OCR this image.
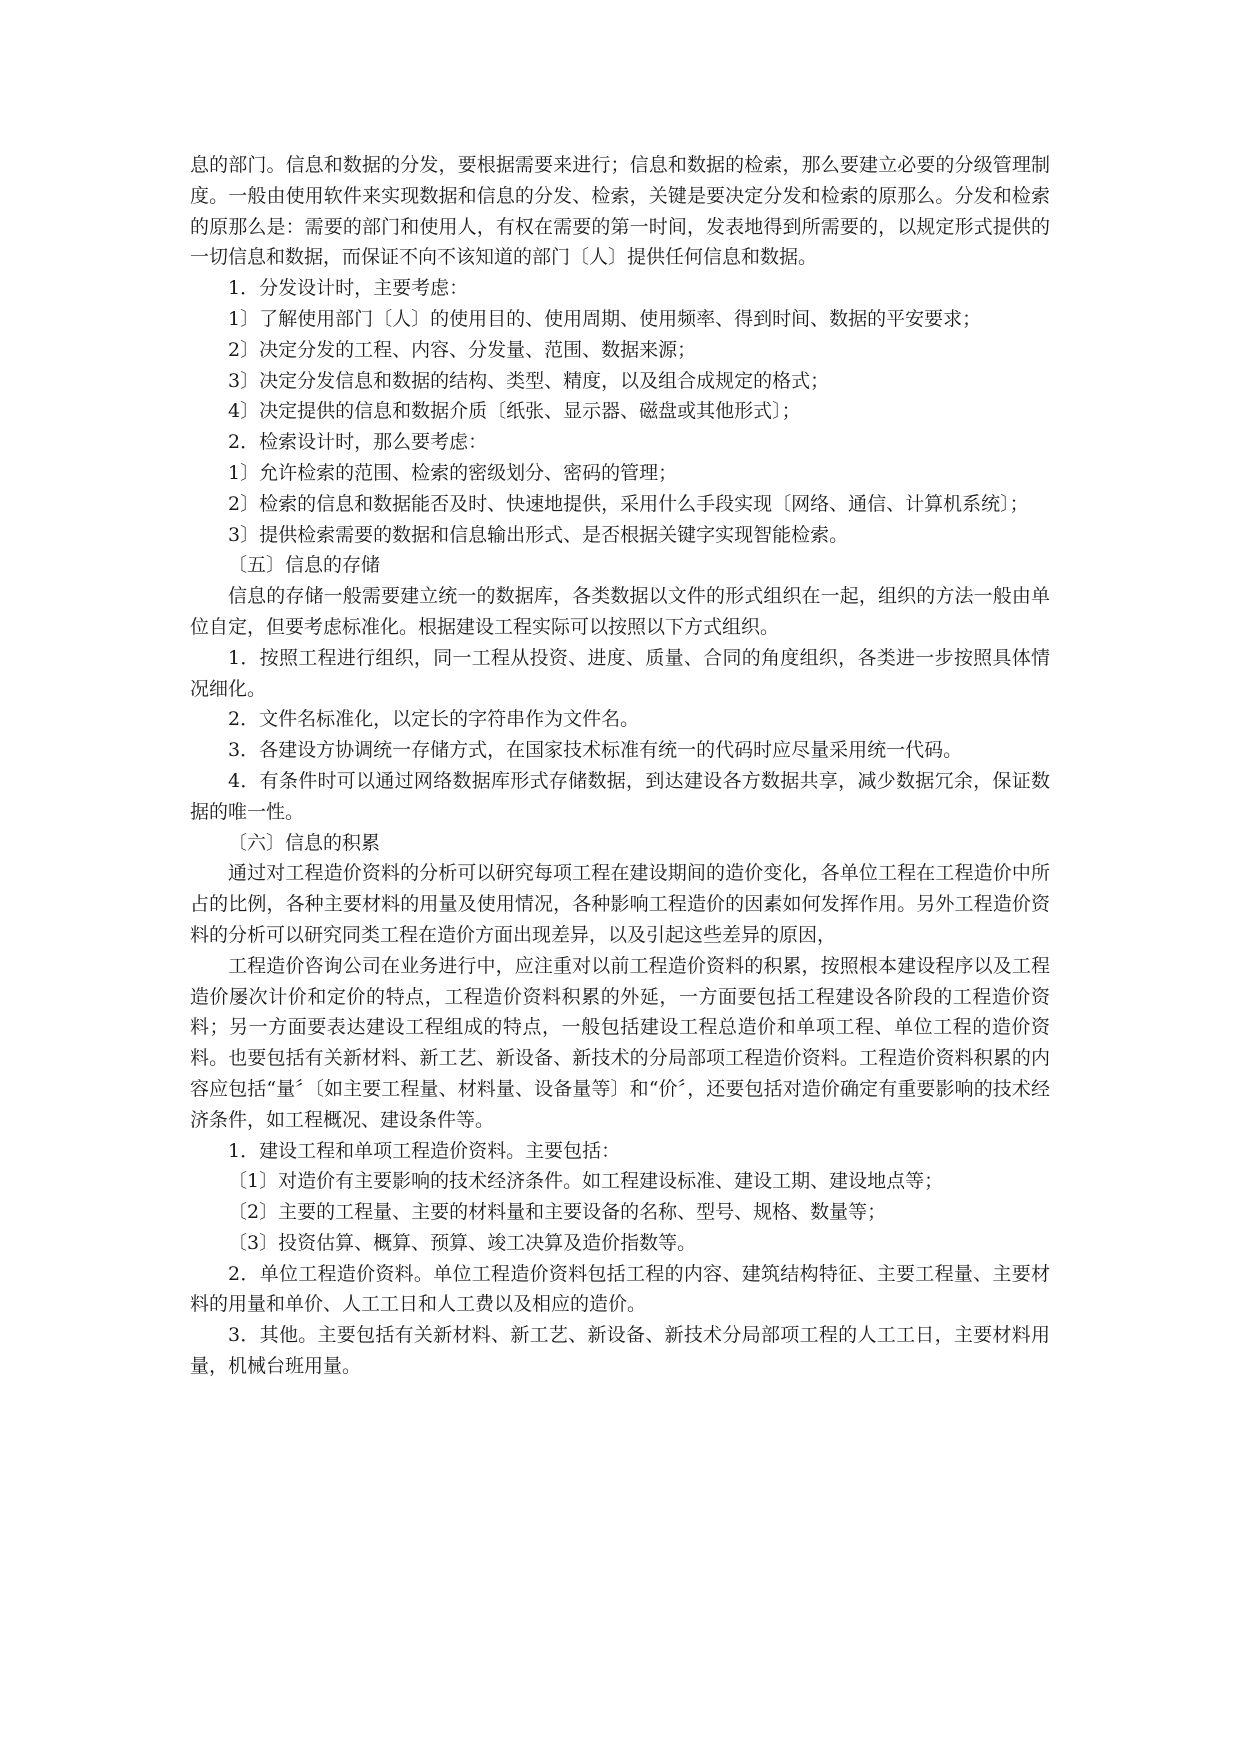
息的部门。信息和数据的分发，要根据需要来进行；信息和数据的检索，那么要建立必要的分级管理制度。一般由使用软件来实现数据和信息的分发、检索，关键是要决定分发和检索的原那么。分发和检索的原那么是：需要的部门和使用人，有权在需要的第一时间，发表地得到所需要的，以规定形式提供的一切信息和数据，而保证不向不该知道的部门〔人〕提供任何信息和数据。

1．分发设计时，主要考虑：

1〕了解使用部门〔人〕的使用目的、使用周期、使用频率、得到时间、数据的平安要求；

2〕决定分发的工程、内容、分发量、范围、数据来源；

3〕决定分发信息和数据的结构、类型、精度，以及组合成规定的格式；

4〕决定提供的信息和数据介质〔纸张、显示器、磁盘或其他形式〕；

2．检索设计时，那么要考虑：

1〕允许检索的范围、检索的密级划分、密码的管理；

2〕检索的信息和数据能否及时、快速地提供，采用什么手段实现〔网络、通信、计算机系统〕；

3〕提供检索需要的数据和信息输出形式、是否根据关键字实现智能检索。

〔五〕信息的存储

信息的存储一般需要建立统一的数据库，各类数据以文件的形式组织在一起，组织的方法一般由单位自定，但要考虑标准化。根据建设工程实际可以按照以下方式组织。

1．按照工程进行组织，同一工程从投资、进度、质量、合同的角度组织，各类进一步按照具体情况细化。

2．文件名标准化，以定长的字符串作为文件名。

3．各建设方协调统一存储方式，在国家技术标准有统一的代码时应尽量采用统一代码。

4．有条件时可以通过网络数据库形式存储数据，到达建设各方数据共享，减少数据冗余，保证数据的唯一性。

〔六〕信息的积累

通过对工程造价资料的分析可以研究每项工程在建设期间的造价变化，各单位工程在工程造价中所占的比例，各种主要材料的用量及使用情况，各种影响工程造价的因素如何发挥作用。另外工程造价资料的分析可以研究同类工程在造价方面出现差异，以及引起这些差异的原因，

工程造价咨询公司在业务进行中，应注重对以前工程造价资料的积累，按照根本建设程序以及工程造价屡次计价和定价的特点，工程造价资料积累的外延，一方面要包括工程建设各阶段的工程造价资料；另一方面要表达建设工程组成的特点，一般包括建设工程总造价和单项工程、单位工程的造价资料。也要包括有关新材料、新工艺、新设备、新技术的分局部项工程造价资料。工程造价资料积累的内容应包括“量〞〔如主要工程量、材料量、设备量等〕和“价〞，还要包括对造价确定有重要影响的技术经济条件，如工程概况、建设条件等。

1．建设工程和单项工程造价资料。主要包括：

〔1〕对造价有主要影响的技术经济条件。如工程建设标准、建设工期、建设地点等；

〔2〕主要的工程量、主要的材料量和主要设备的名称、型号、规格、数量等；

〔3〕投资估算、概算、预算、竣工决算及造价指数等。

2．单位工程造价资料。单位工程造价资料包括工程的内容、建筑结构特征、主要工程量、主要材料的用量和单价、人工工日和人工费以及相应的造价。

3．其他。主要包括有关新材料、新工艺、新设备、新技术分局部项工程的人工工日，主要材料用量，机械台班用量。
